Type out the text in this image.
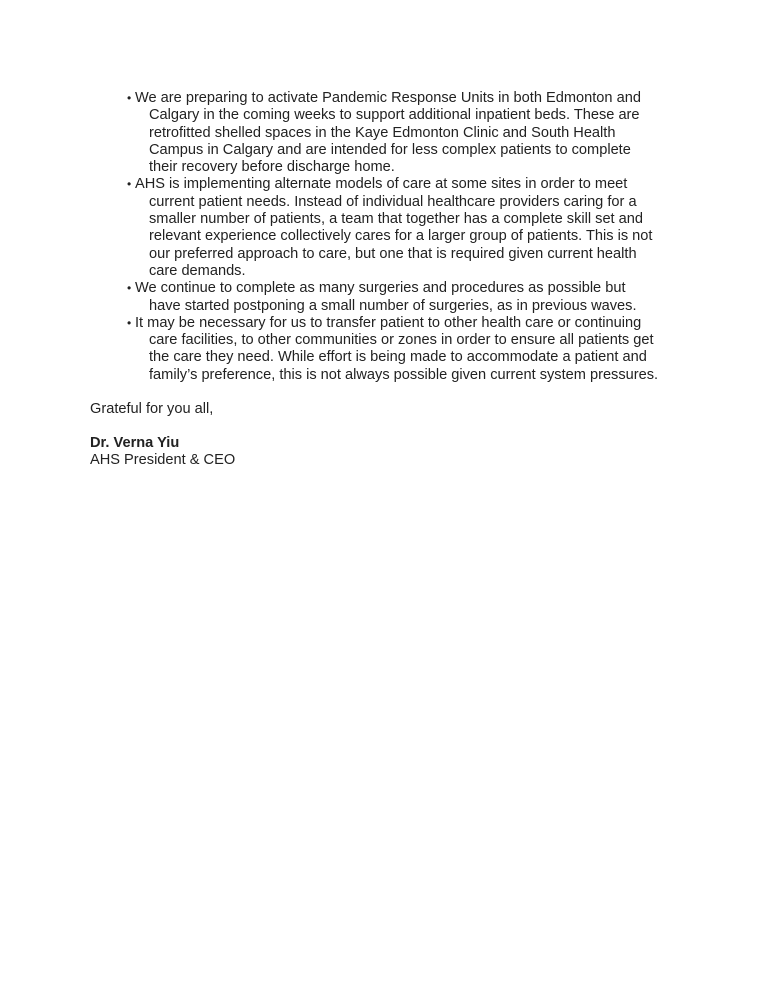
• We are preparing to activate Pandemic Response Units in both Edmonton and
Calgary in the coming weeks to support additional inpatient beds. These are
retrofitted shelled spaces in the Kaye Edmonton Clinic and South Health
Campus in Calgary and are intended for less complex patients to complete
their recovery before discharge home.
• AHS is implementing alternate models of care at some sites in order to meet
current patient needs. Instead of individual healthcare providers caring for a
smaller number of patients, a team that together has a complete skill set and
relevant experience collectively cares for a larger group of patients. This is not
our preferred approach to care, but one that is required given current health
care demands.
• We continue to complete as many surgeries and procedures as possible but
have started postponing a small number of surgeries, as in previous waves.
• It may be necessary for us to transfer patient to other health care or continuing
care facilities, to other communities or zones in order to ensure all patients get
the care they need. While effort is being made to accommodate a patient and
family’s preference, this is not always possible given current system pressures.
Grateful for you all,
Dr. Verna Yiu
AHS President & CEO
